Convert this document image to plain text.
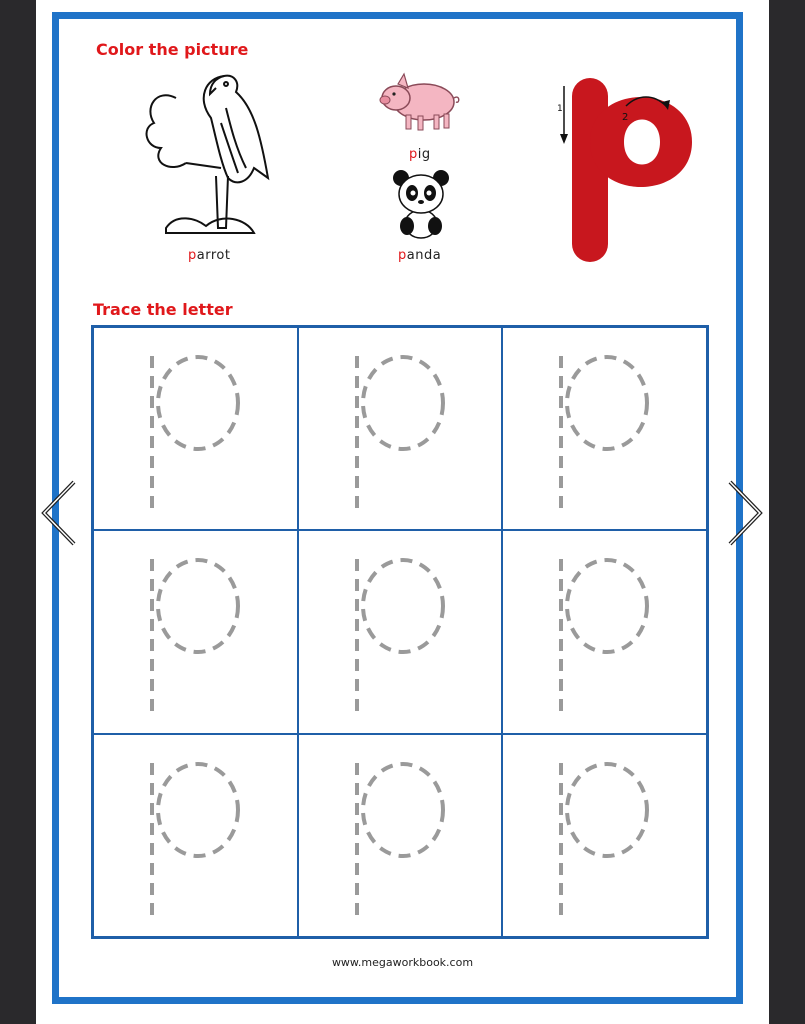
Color the picture
parrot
pig
panda
1
2
Trace the letter
www.megaworkbook.com
